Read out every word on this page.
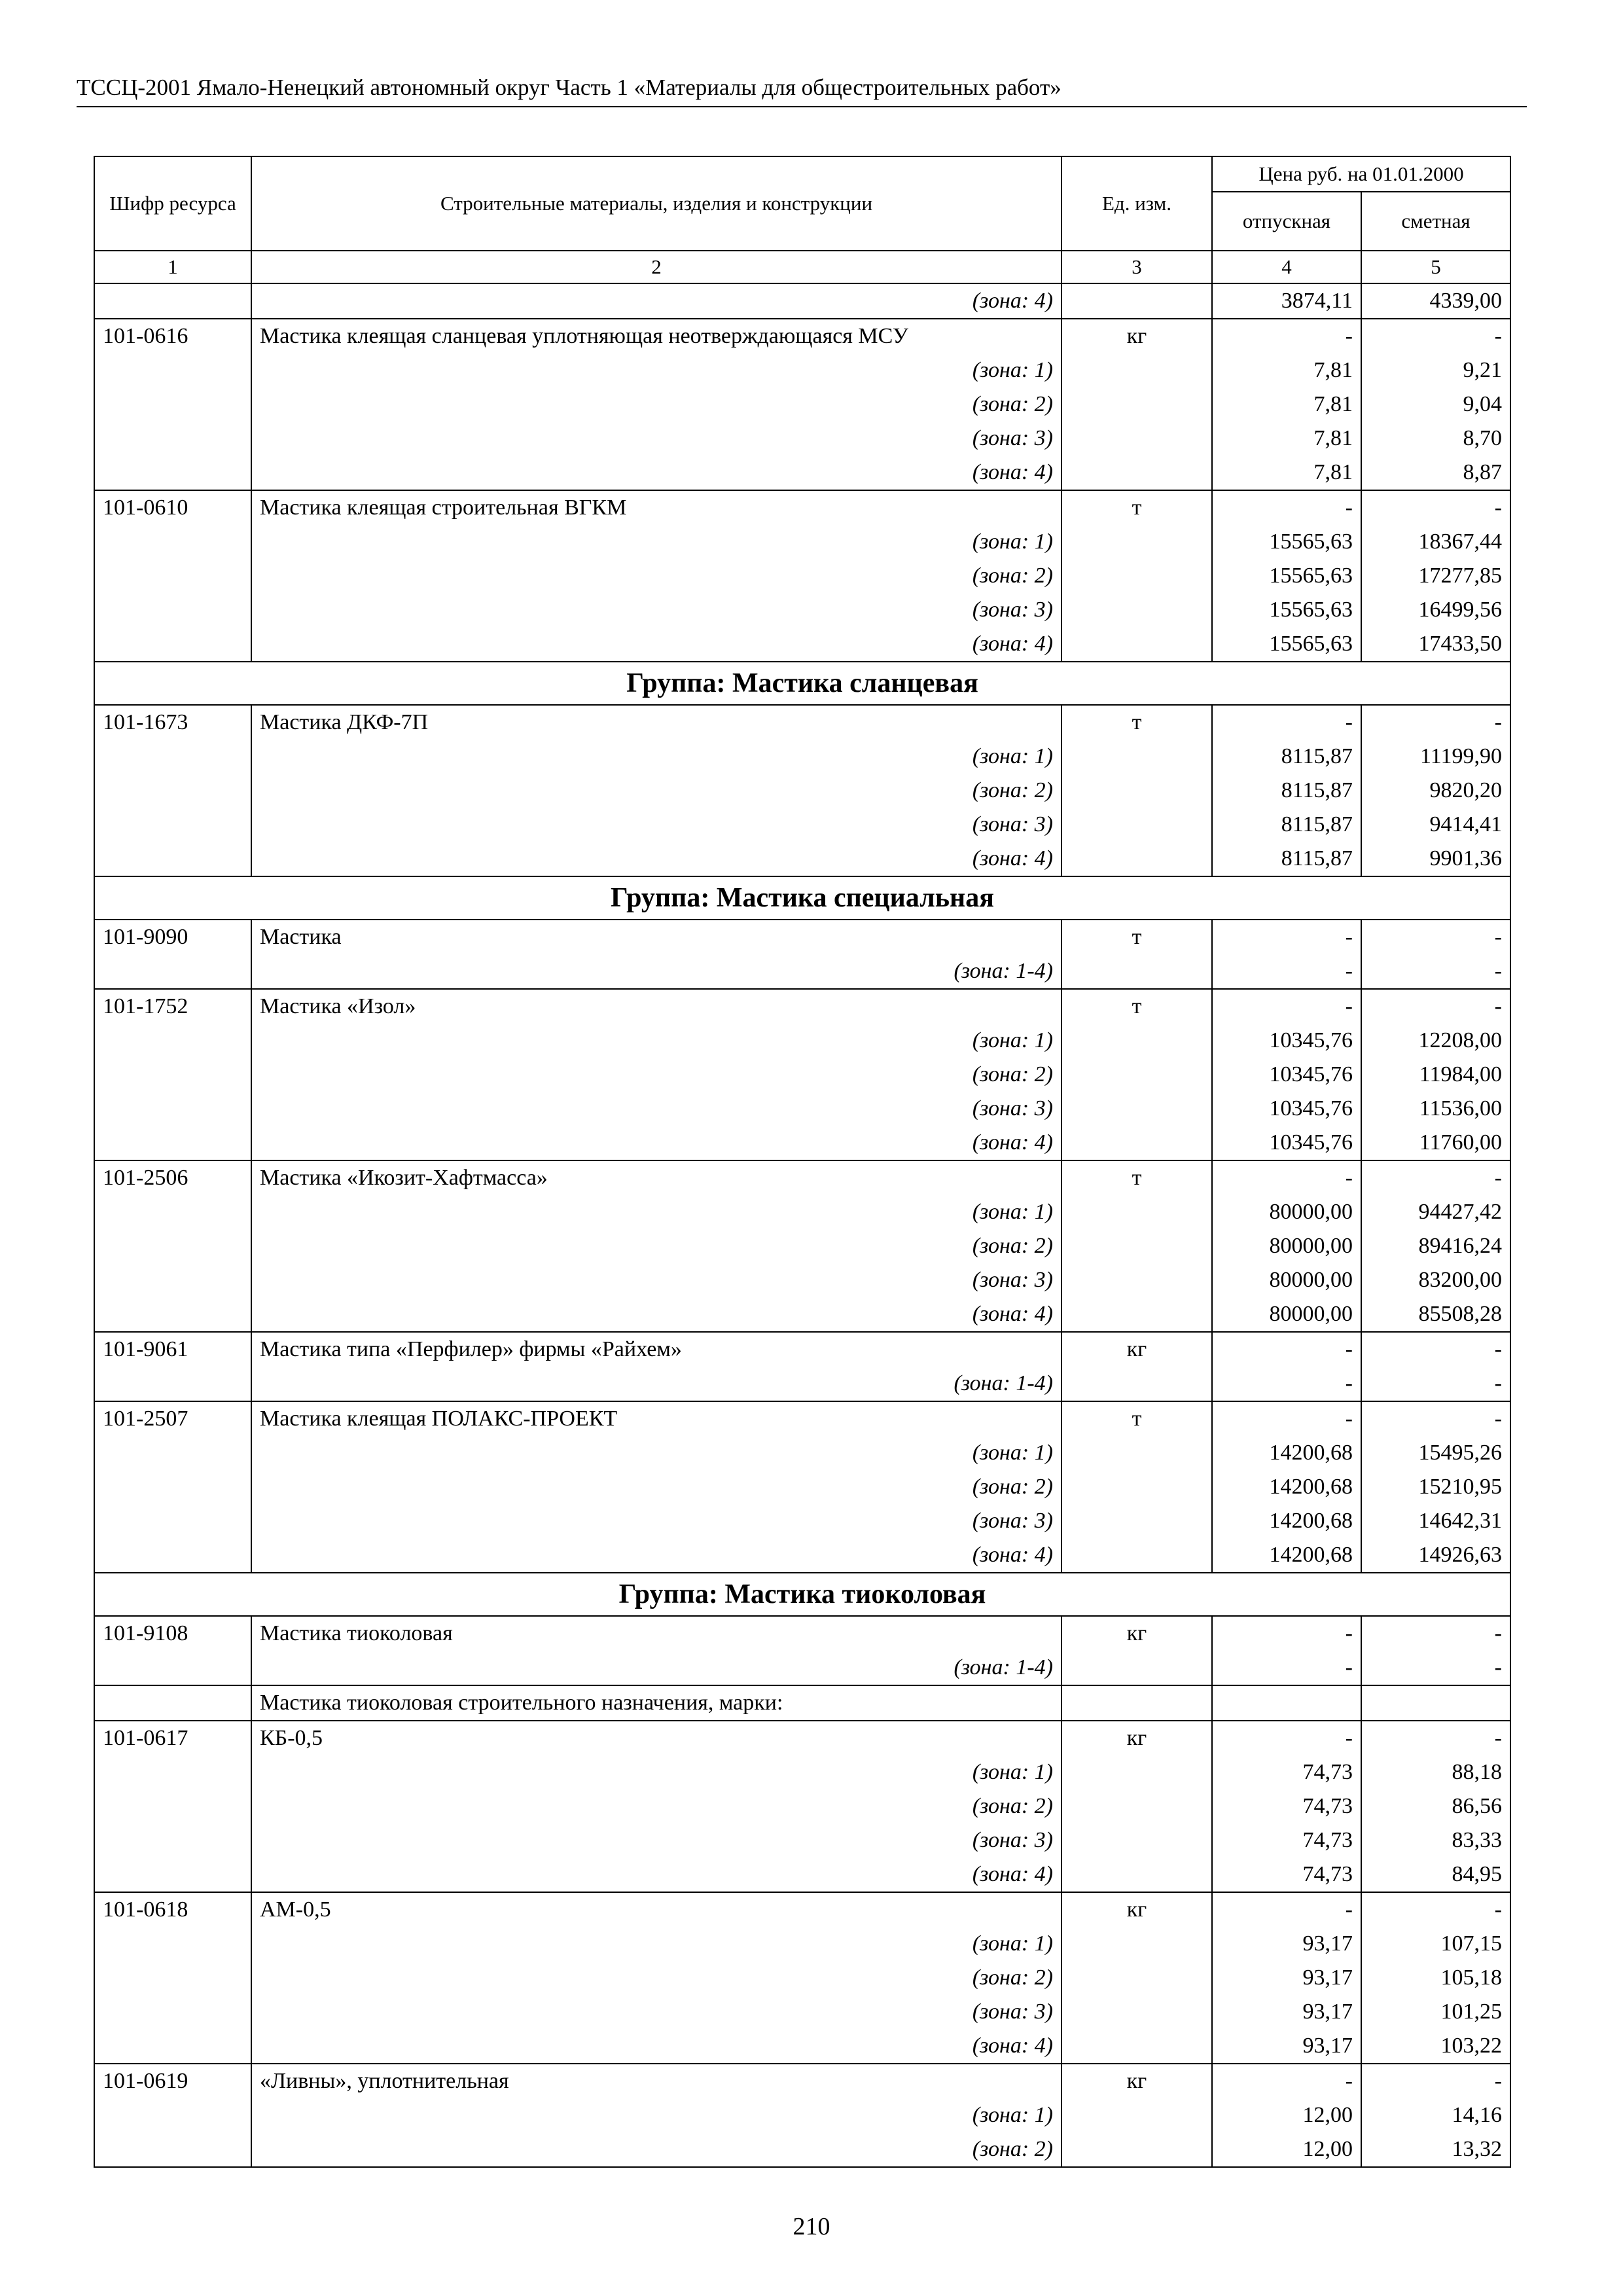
ТССЦ-2001 Ямало-Ненецкий автономный округ Часть 1 «Материалы для общестроительных работ»
Шифр ресурса	Строительные материалы, изделия и конструкции	Ед. изм.	Цена руб. на 01.01.2000	
			отпускная	сметная
1	2	3	4	5
	(зона: 4)		3874,11	4339,00
101-0616	Мастика клеящая сланцевая уплотняющая неотверждающаяся МСУ	кг	-	-
	(зона: 1)		7,81	9,21
	(зона: 2)		7,81	9,04
	(зона: 3)		7,81	8,70
	(зона: 4)		7,81	8,87
101-0610	Мастика клеящая строительная ВГКМ	т	-	-
	(зона: 1)		15565,63	18367,44
	(зона: 2)		15565,63	17277,85
	(зона: 3)		15565,63	16499,56
	(зона: 4)		15565,63	17433,50
Группа: Мастика сланцевая				
101-1673	Мастика ДКФ-7П	т	-	-
	(зона: 1)		8115,87	11199,90
	(зона: 2)		8115,87	9820,20
	(зона: 3)		8115,87	9414,41
	(зона: 4)		8115,87	9901,36
Группа: Мастика специальная				
101-9090	Мастика	т	-	-
	(зона: 1-4)		-	-
101-1752	Мастика «Изол»	т	-	-
	(зона: 1)		10345,76	12208,00
	(зона: 2)		10345,76	11984,00
	(зона: 3)		10345,76	11536,00
	(зона: 4)		10345,76	11760,00
101-2506	Мастика «Икозит-Хафтмасса»	т	-	-
	(зона: 1)		80000,00	94427,42
	(зона: 2)		80000,00	89416,24
	(зона: 3)		80000,00	83200,00
	(зона: 4)		80000,00	85508,28
101-9061	Мастика типа «Перфилер» фирмы «Райхем»	кг	-	-
	(зона: 1-4)		-	-
101-2507	Мастика клеящая ПОЛАКС-ПРОЕКТ	т	-	-
	(зона: 1)		14200,68	15495,26
	(зона: 2)		14200,68	15210,95
	(зона: 3)		14200,68	14642,31
	(зона: 4)		14200,68	14926,63
Группа: Мастика тиоколовая				
101-9108	Мастика тиоколовая	кг	-	-
	(зона: 1-4)		-	-
	Мастика тиоколовая строительного назначения, марки:			
101-0617	КБ-0,5	кг	-	-
	(зона: 1)		74,73	88,18
	(зона: 2)		74,73	86,56
	(зона: 3)		74,73	83,33
	(зона: 4)		74,73	84,95
101-0618	АМ-0,5	кг	-	-
	(зона: 1)		93,17	107,15
	(зона: 2)		93,17	105,18
	(зона: 3)		93,17	101,25
	(зона: 4)		93,17	103,22
101-0619	«Ливны», уплотнительная	кг	-	-
	(зона: 1)		12,00	14,16
	(зона: 2)		12,00	13,32
210
